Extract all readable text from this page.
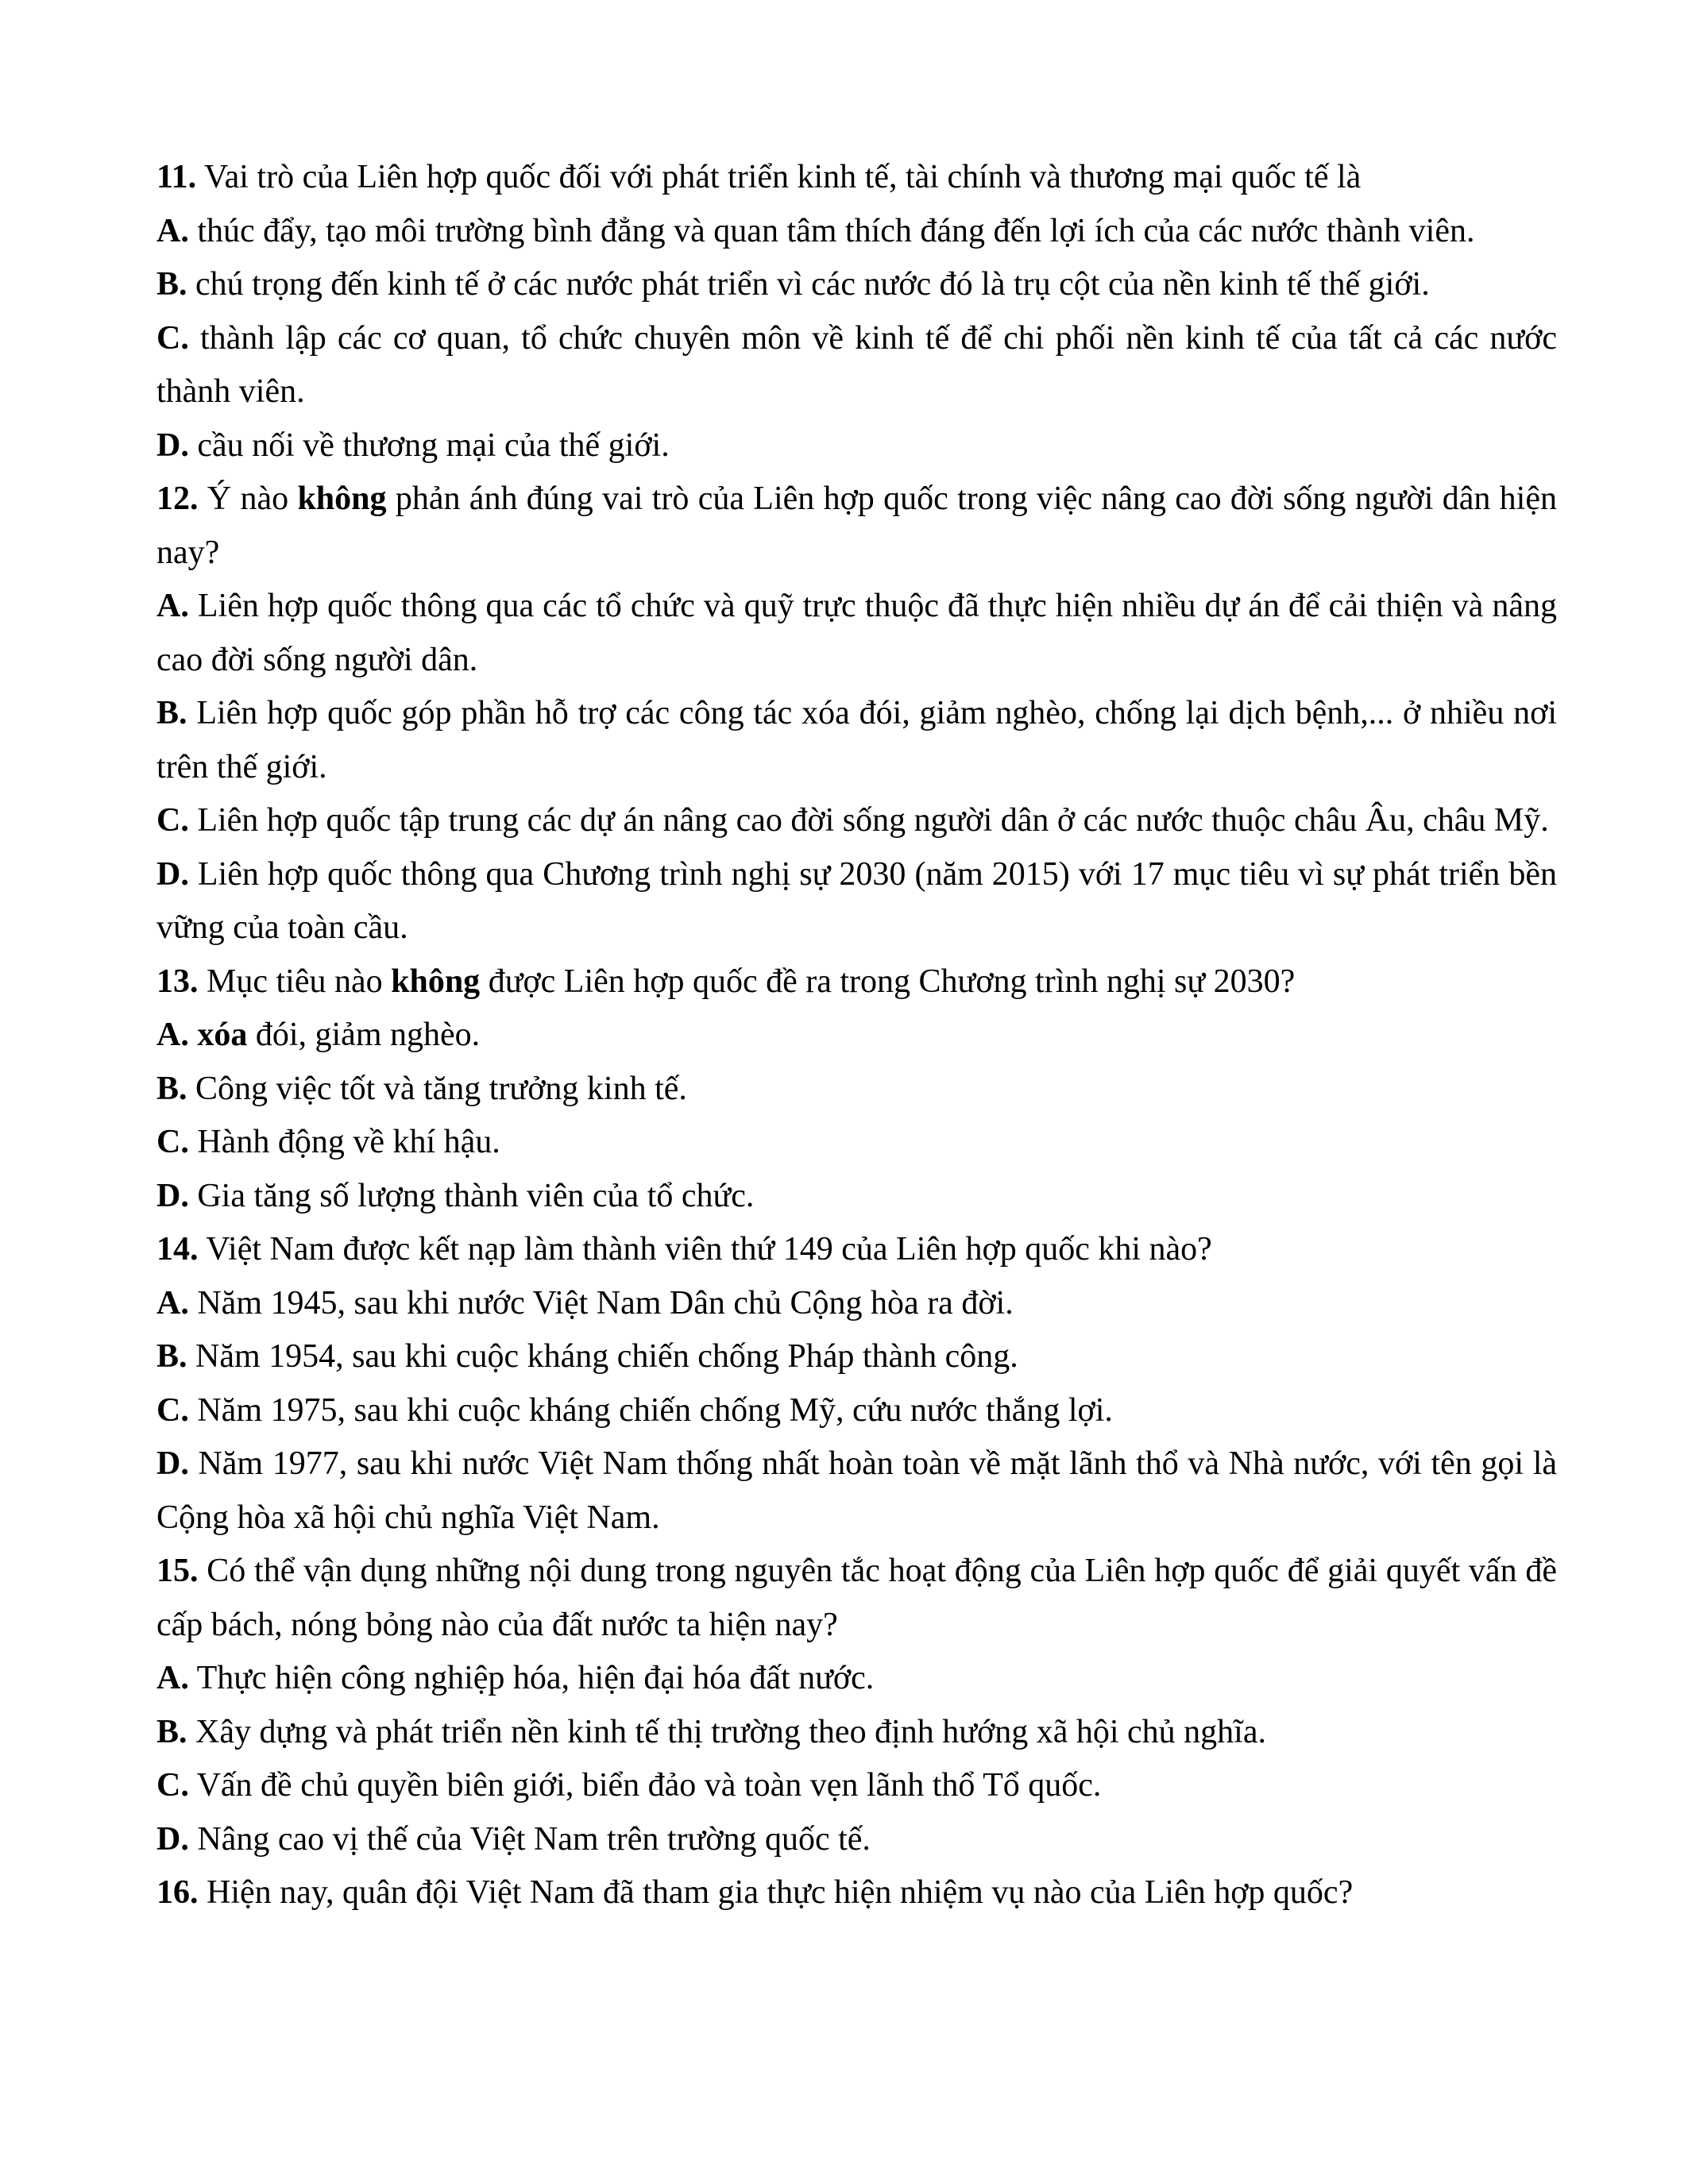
11. Vai trò của Liên hợp quốc đối với phát triển kinh tế, tài chính và thương mại quốc tế là

A. thúc đẩy, tạo môi trường bình đẳng và quan tâm thích đáng đến lợi ích của các nước thành viên.

B. chú trọng đến kinh tế ở các nước phát triển vì các nước đó là trụ cột của nền kinh tế thế giới.

C. thành lập các cơ quan, tổ chức chuyên môn về kinh tế để chi phối nền kinh tế của tất cả các nước thành viên.

D. cầu nối về thương mại của thế giới.

12. Ý nào không phản ánh đúng vai trò của Liên hợp quốc trong việc nâng cao đời sống người dân hiện nay?

A. Liên hợp quốc thông qua các tổ chức và quỹ trực thuộc đã thực hiện nhiều dự án để cải thiện và nâng cao đời sống người dân.

B. Liên hợp quốc góp phần hỗ trợ các công tác xóa đói, giảm nghèo, chống lại dịch bệnh,... ở nhiều nơi trên thế giới.

C. Liên hợp quốc tập trung các dự án nâng cao đời sống người dân ở các nước thuộc châu Âu, châu Mỹ.

D. Liên hợp quốc thông qua Chương trình nghị sự 2030 (năm 2015) với 17 mục tiêu vì sự phát triển bền vững của toàn cầu.

13. Mục tiêu nào không được Liên hợp quốc đề ra trong Chương trình nghị sự 2030?

A. xóa đói, giảm nghèo.

B. Công việc tốt và tăng trưởng kinh tế.

C. Hành động về khí hậu.

D. Gia tăng số lượng thành viên của tổ chức.

14. Việt Nam được kết nạp làm thành viên thứ 149 của Liên hợp quốc khi nào?

A. Năm 1945, sau khi nước Việt Nam Dân chủ Cộng hòa ra đời.

B. Năm 1954, sau khi cuộc kháng chiến chống Pháp thành công.

C. Năm 1975, sau khi cuộc kháng chiến chống Mỹ, cứu nước thắng lợi.

D. Năm 1977, sau khi nước Việt Nam thống nhất hoàn toàn về mặt lãnh thổ và Nhà nước, với tên gọi là Cộng hòa xã hội chủ nghĩa Việt Nam.

15. Có thể vận dụng những nội dung trong nguyên tắc hoạt động của Liên hợp quốc để giải quyết vấn đề cấp bách, nóng bỏng nào của đất nước ta hiện nay?

A. Thực hiện công nghiệp hóa, hiện đại hóa đất nước.

B. Xây dựng và phát triển nền kinh tế thị trường theo định hướng xã hội chủ nghĩa.

C. Vấn đề chủ quyền biên giới, biển đảo và toàn vẹn lãnh thổ Tổ quốc.

D. Nâng cao vị thế của Việt Nam trên trường quốc tế.

16. Hiện nay, quân đội Việt Nam đã tham gia thực hiện nhiệm vụ nào của Liên hợp quốc?
